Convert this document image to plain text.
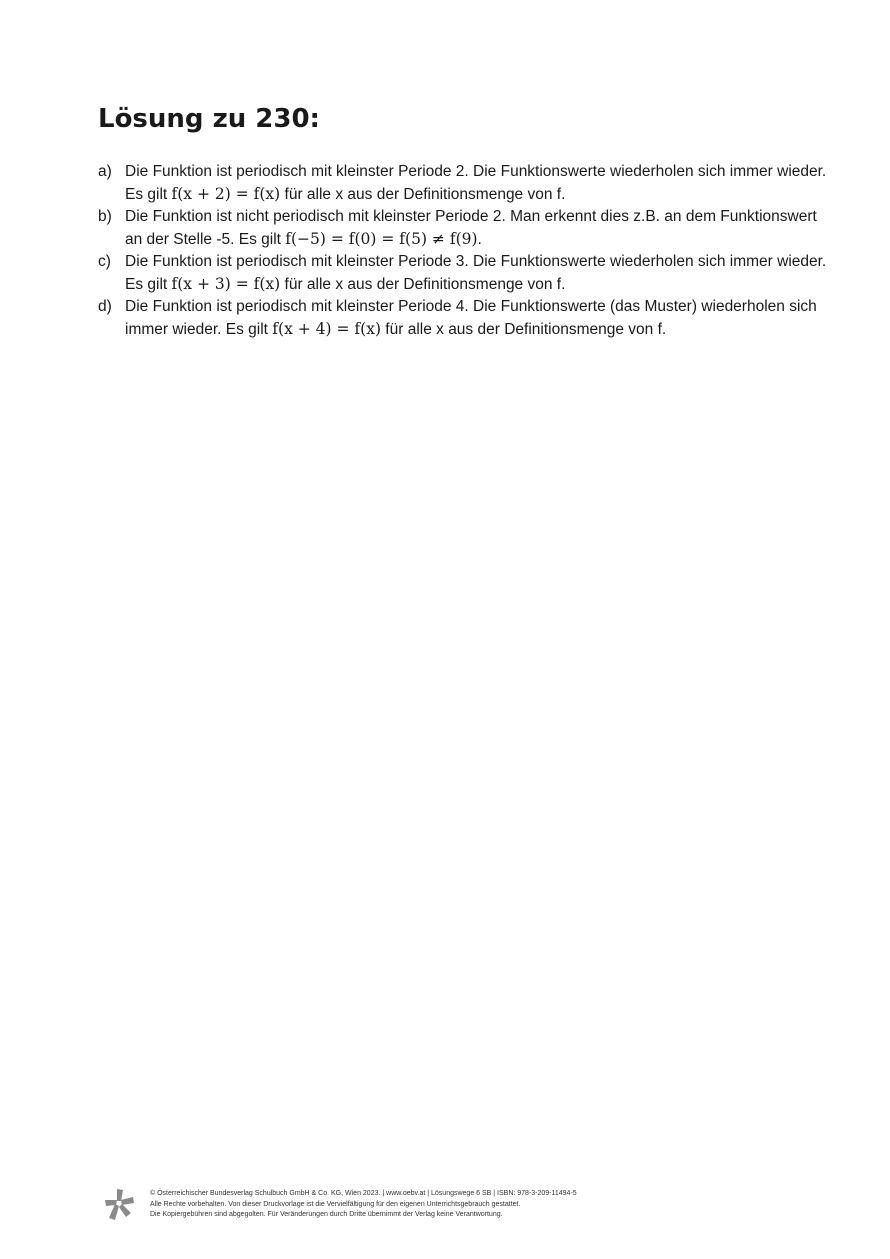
Lösung zu 230:
a) Die Funktion ist periodisch mit kleinster Periode 2. Die Funktionswerte wiederholen sich immer wieder. Es gilt f(x + 2) = f(x) für alle x aus der Definitionsmenge von f.
b) Die Funktion ist nicht periodisch mit kleinster Periode 2. Man erkennt dies z.B. an dem Funktionswert an der Stelle -5. Es gilt f(−5) = f(0) = f(5) ≠ f(9).
c) Die Funktion ist periodisch mit kleinster Periode 3. Die Funktionswerte wiederholen sich immer wieder. Es gilt f(x + 3) = f(x) für alle x aus der Definitionsmenge von f.
d) Die Funktion ist periodisch mit kleinster Periode 4. Die Funktionswerte (das Muster) wiederholen sich immer wieder. Es gilt f(x + 4) = f(x) für alle x aus der Definitionsmenge von f.
© Österreichischer Bundesverlag Schulbuch GmbH & Co. KG, Wien 2023. | www.oebv.at | Lösungswege 6 SB | ISBN: 978-3-209-11494-5
Alle Rechte vorbehalten. Von dieser Druckvorlage ist die Vervielfältigung für den eigenen Unterrichtsgebrauch gestattet.
Die Kopiergebühren sind abgegolten. Für Veränderungen durch Dritte übernimmt der Verlag keine Verantwortung.
